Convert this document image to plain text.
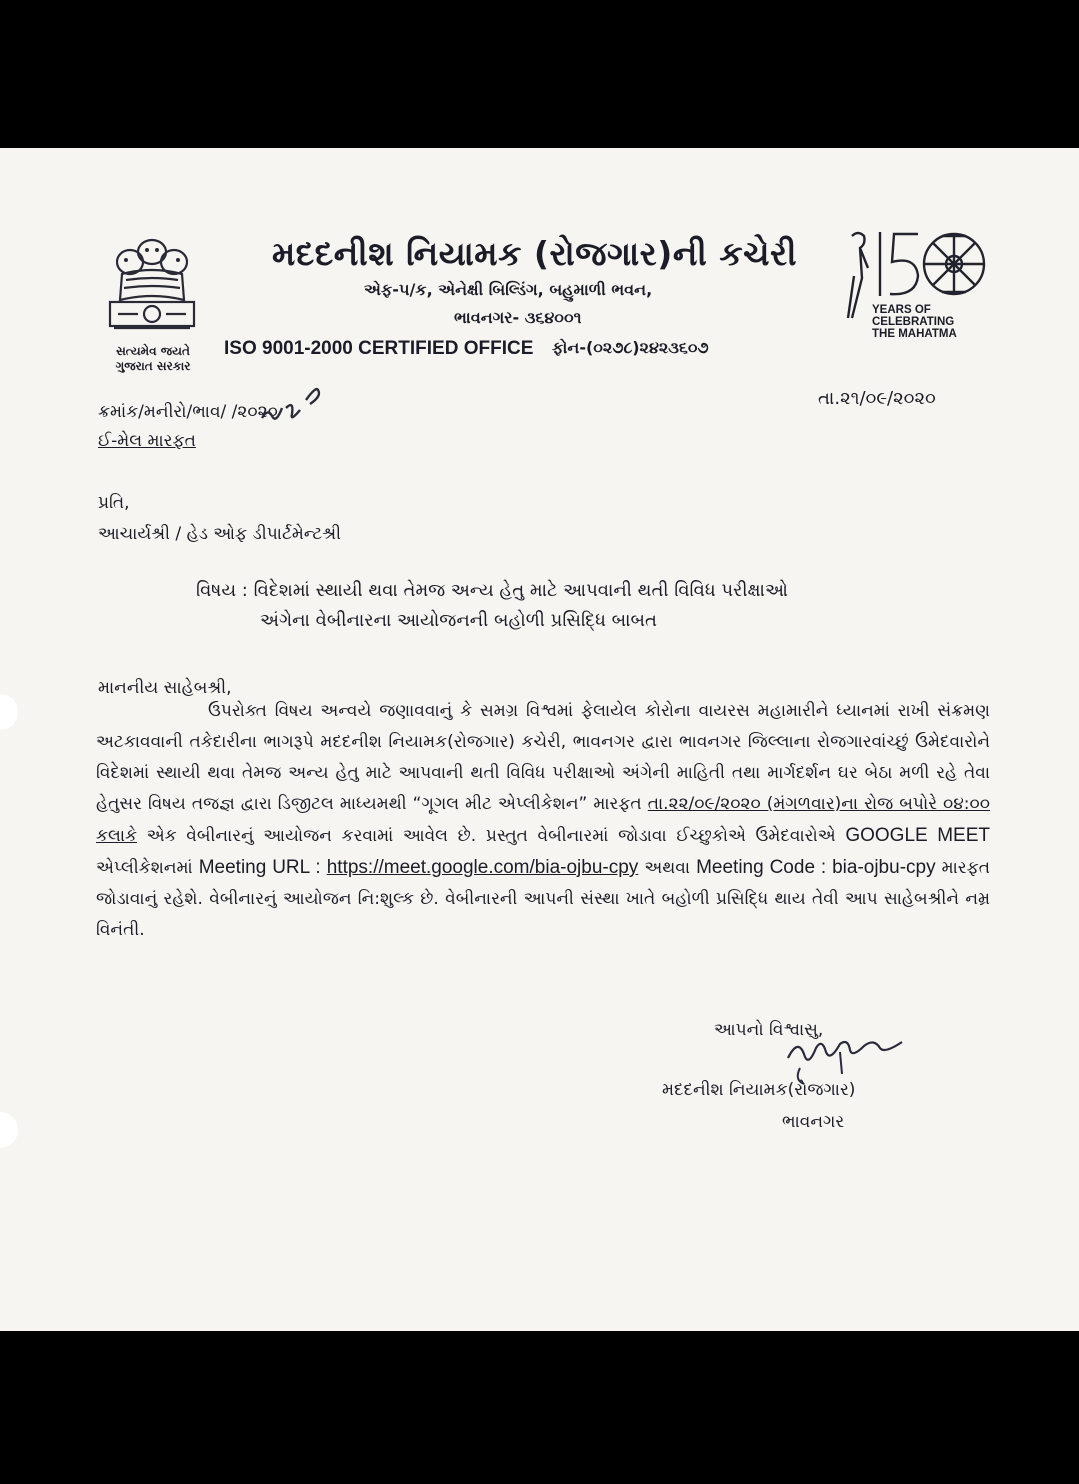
સત્યમેવ જયતે
ગુજરાત સરકાર
મદદનીશ નિયામક (રોજગાર)ની કચેરી
એફ-૫/ક, એનેક્ષી બિલ્ડિંગ, બહુમાળી ભવન,
ભાવનગર- ૩૬૪૦૦૧
ISO 9001-2000 CERTIFIED OFFICE ફોન-(૦૨૭૮)૨૪૨૩૬૦૭
YEARS OF
CELEBRATING
THE MAHATMA
ક્રમાંક/મનીરો/ભાવ/ /૨૦૨૦
ઈ-મેલ મારફત
તા.૨૧/૦૯/૨૦૨૦
પ્રતિ,
આચાર્યશ્રી / હેડ ઓફ ડીપાર્ટમેન્ટશ્રી
વિષય : વિદેશમાં સ્થાયી થવા તેમજ અન્ય હેતુ માટે આપવાની થતી વિવિધ પરીક્ષાઓ
અંગેના વેબીનારના આયોજનની બહોળી પ્રસિદ્ધિ બાબત
માનનીય સાહેબશ્રી,
ઉપરોક્ત વિષય અન્વયે જણાવવાનું કે સમગ્ર વિશ્વમાં ફેલાયેલ કોરોના વાયરસ મહામારીને ધ્યાનમાં રાખી સંક્રમણ અટકાવવાની તકેદારીના ભાગરૂપે મદદનીશ નિયામક(રોજગાર) કચેરી, ભાવનગર દ્વારા ભાવનગર જિલ્લાના રોજગારવાંચ્છું ઉમેદવારોને વિદેશમાં સ્થાયી થવા તેમજ અન્ય હેતુ માટે આપવાની થતી વિવિધ પરીક્ષાઓ અંગેની માહિતી તથા માર્ગદર્શન ઘર બેઠા મળી રહે તેવા હેતુસર વિષય તજજ્ઞ દ્વારા ડિજીટલ માધ્યમથી “ગૂગલ મીટ એપ્લીકેશન” મારફત તા.૨૨/૦૯/૨૦૨૦ (મંગળવાર)ના રોજ બપોરે ૦૪:૦૦ કલાકે એક વેબીનારનું આયોજન કરવામાં આવેલ છે. પ્રસ્તુત વેબીનારમાં જોડાવા ઈચ્છુકોએ ઉમેદવારોએ GOOGLE MEET એપ્લીકેશનમાં Meeting URL : https://meet.google.com/bia-ojbu-cpy અથવા Meeting Code : bia-ojbu-cpy મારફત જોડાવાનું રહેશે. વેબીનારનું આયોજન નિ:શુલ્ક છે. વેબીનારની આપની સંસ્થા ખાતે બહોળી પ્રસિદ્ધિ થાય તેવી આપ સાહેબશ્રીને નમ્ર વિનંતી.
આપનો વિશ્વાસુ,
મદદનીશ નિયામક(રોજગાર)
ભાવનગર
